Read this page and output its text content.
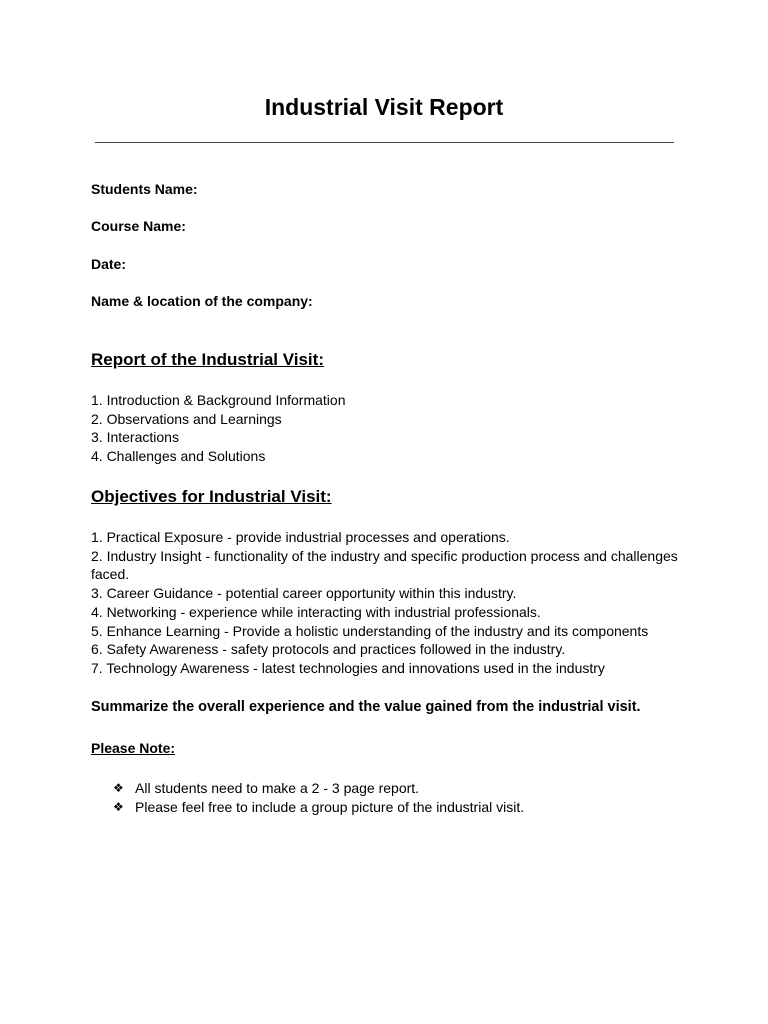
Industrial Visit Report
Students Name:
Course Name:
Date:
Name & location of the company:
Report of the Industrial Visit:
1. Introduction & Background Information
2. Observations and Learnings
3. Interactions
4. Challenges and Solutions
Objectives for Industrial Visit:
1. Practical Exposure - provide industrial processes and operations.
2. Industry Insight - functionality of the industry and specific production process and challenges faced.
3. Career Guidance - potential career opportunity within this industry.
4. Networking - experience while interacting with industrial professionals.
5. Enhance Learning - Provide a holistic understanding of the industry and its components
6. Safety Awareness - safety protocols and practices followed in the industry.
7. Technology Awareness - latest technologies and innovations used in the industry
Summarize the overall experience and the value gained from the industrial visit.
Please Note:
❖ All students need to make a 2 - 3 page report.
❖ Please feel free to include a group picture of the industrial visit.
